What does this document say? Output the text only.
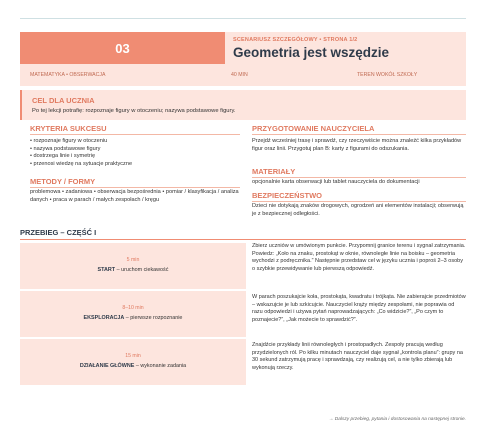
03
SCENARIUSZ SZCZEGÓŁOWY • STRONA 1/2
Geometria jest wszędzie
MATEMATYKA • OBSERWACJA	40 MIN	TEREN WOKÓŁ SZKOŁY
CEL DLA UCZNIA
Po tej lekcji potrafię: rozpoznaje figury w otoczeniu; nazywa podstawowe figury.
KRYTERIA SUKCESU
• rozpoznaje figury w otoczeniu
• nazywa podstawowe figury
• dostrzega linie i symetrię
• przenosi wiedzę na sytuacje praktyczne
METODY / FORMY
problemowa • zadaniowa • obserwacja bezpośrednia • pomiar / klasyfikacja / analiza danych • praca w parach / małych zespołach / kręgu
PRZYGOTOWANIE NAUCZYCIELA
Przejdź wcześniej trasę i sprawdź, czy rzeczywiście można znaleźć kilka przykładów figur oraz linii. Przygotuj plan B: karty z figurami do odszukania.
MATERIAŁY
opcjonalnie karta obserwacji lub tablet nauczyciela do dokumentacji
BEZPIECZEŃSTWO
Dzieci nie dotykają znaków drogowych, ogrodzeń ani elementów instalacji; obserwują je z bezpiecznej odległości.
PRZEBIEG – CZĘŚĆ I
5 min
START – uruchom ciekawość
Zbierz uczniów w umówionym punkcie. Przypomnij granice terenu i sygnał zatrzymania. Powiedz: „Koło na znaku, prostokąt w oknie, równoległe linie na boisku – geometria wychodzi z podręcznika.” Następnie przedstaw cel w języku ucznia i poproś 2–3 osoby o szybkie przewidywanie lub pierwszą odpowiedź.
8–10 min
EKSPLORACJA – pierwsze rozpoznanie
W parach poszukajcie koła, prostokąta, kwadratu i trójkąta. Nie zabierajcie przedmiotów – wskazujcie je lub szkicujcie. Nauczyciel krąży między zespołami, nie poprawia od razu odpowiedzi i używa pytań naprowadzających: „Co widzicie?”, „Po czym to poznajecie?”, „Jak możecie to sprawdzić?”.
15 min
DZIAŁANIE GŁÓWNE – wykonanie zadania
Znajdźcie przykłady linii równoległych i prostopadłych. Zespoły pracują według przydzielonych ról. Po kilku minutach nauczyciel daje sygnał „kontrola planu”: grupy na 30 sekund zatrzymują pracę i sprawdzają, czy realizują cel, a nie tylko zbierają lub wykonują rzeczy.
→ Dalszy przebieg, pytania i dostosowania na następnej stronie.
